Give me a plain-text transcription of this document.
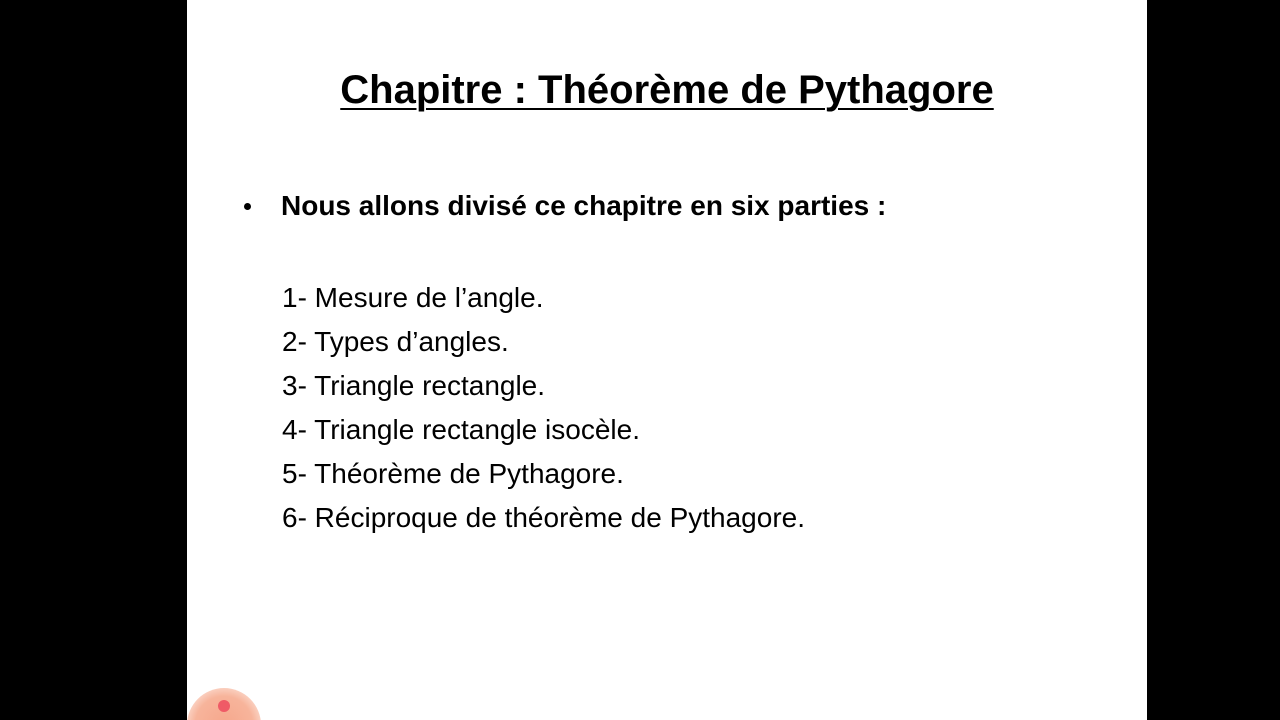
Chapitre : Théorème de Pythagore
Nous allons divisé ce chapitre en six parties :
1- Mesure de l’angle.
2- Types d’angles.
3- Triangle rectangle.
4- Triangle rectangle isocèle.
5- Théorème de Pythagore.
6- Réciproque de théorème de Pythagore.
